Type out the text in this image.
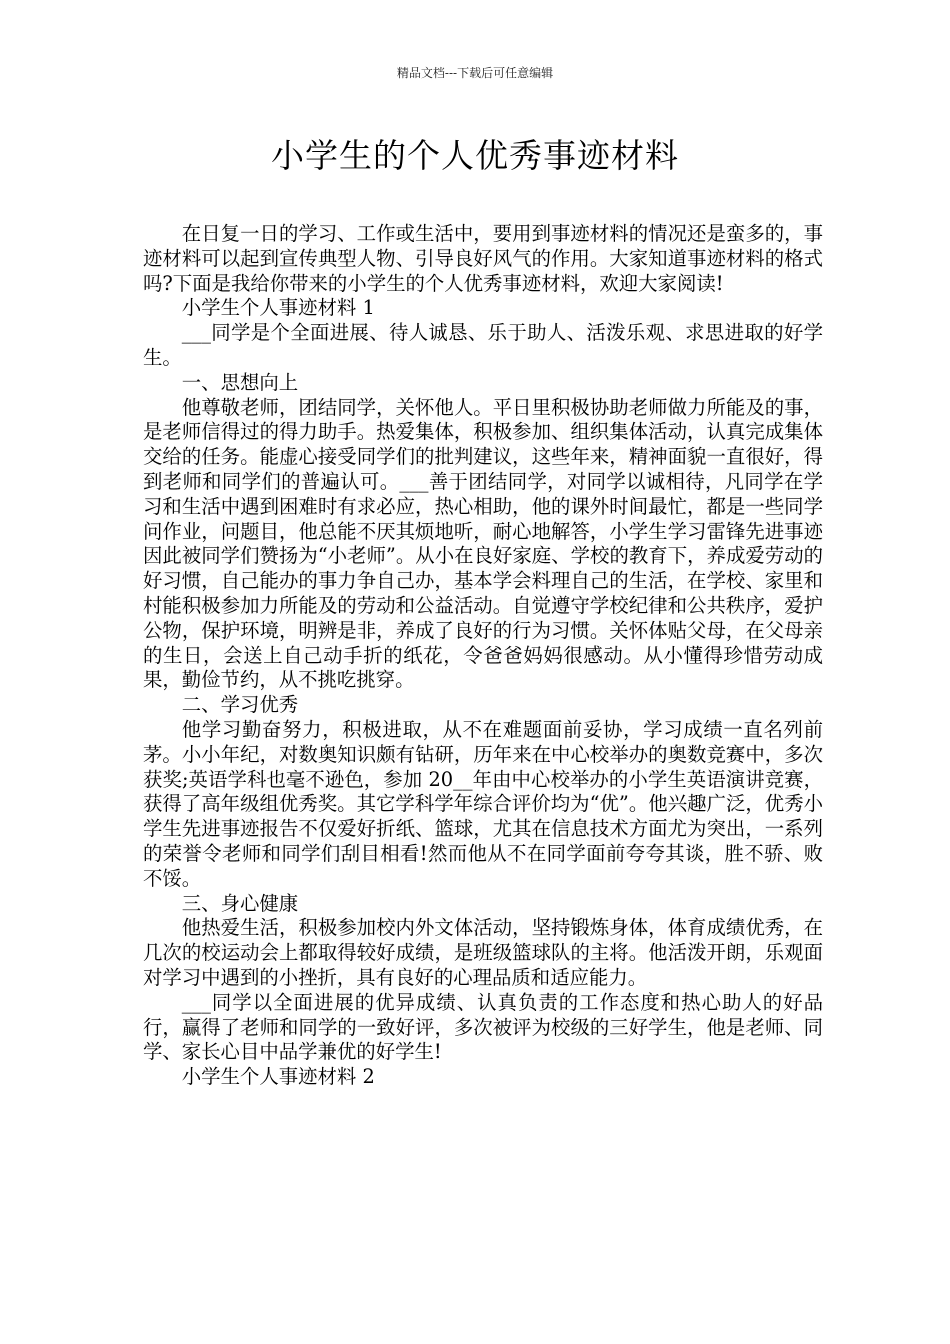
精品文档---下载后可任意编辑
小学生的个人优秀事迹材料

在日复一日的学习、工作或生活中，要用到事迹材料的情况还是蛮多的，事迹材料可以起到宣传典型人物、引导良好风气的作用。大家知道事迹材料的格式吗?下面是我给你带来的小学生的个人优秀事迹材料，欢迎大家阅读!

小学生个人事迹材料 1

___同学是个全面进展、待人诚恳、乐于助人、活泼乐观、求思进取的好学生。

一、思想向上

他尊敬老师，团结同学，关怀他人。平日里积极协助老师做力所能及的事，是老师信得过的得力助手。热爱集体，积极参加、组织集体活动，认真完成集体交给的任务。能虚心接受同学们的批判建议，这些年来，精神面貌一直很好，得到老师和同学们的普遍认可。___善于团结同学，对同学以诚相待，凡同学在学习和生活中遇到困难时有求必应，热心相助，他的课外时间最忙，都是一些同学问作业，问题目，他总能不厌其烦地听，耐心地解答，小学生学习雷锋先进事迹因此被同学们赞扬为“小老师”。从小在良好家庭、学校的教育下，养成爱劳动的好习惯，自己能办的事力争自己办，基本学会料理自己的生活，在学校、家里和村能积极参加力所能及的劳动和公益活动。自觉遵守学校纪律和公共秩序，爱护公物，保护环境，明辨是非，养成了良好的行为习惯。关怀体贴父母，在父母亲的生日，会送上自己动手折的纸花，令爸爸妈妈很感动。从小懂得珍惜劳动成果，勤俭节约，从不挑吃挑穿。

二、学习优秀

他学习勤奋努力，积极进取，从不在难题面前妥协，学习成绩一直名列前茅。小小年纪，对数奥知识颇有钻研，历年来在中心校举办的奥数竞赛中，多次获奖;英语学科也毫不逊色，参加 20__年由中心校举办的小学生英语演讲竞赛，获得了高年级组优秀奖。其它学科学年综合评价均为“优”。他兴趣广泛，优秀小学生先进事迹报告不仅爱好折纸、篮球，尤其在信息技术方面尤为突出，一系列的荣誉令老师和同学们刮目相看!然而他从不在同学面前夸夸其谈，胜不骄、败不馁。

三、身心健康

他热爱生活，积极参加校内外文体活动，坚持锻炼身体，体育成绩优秀，在几次的校运动会上都取得较好成绩，是班级篮球队的主将。他活泼开朗，乐观面对学习中遇到的小挫折，具有良好的心理品质和适应能力。

___同学以全面进展的优异成绩、认真负责的工作态度和热心助人的好品行，赢得了老师和同学的一致好评，多次被评为校级的三好学生，他是老师、同学、家长心目中品学兼优的好学生!

小学生个人事迹材料 2
